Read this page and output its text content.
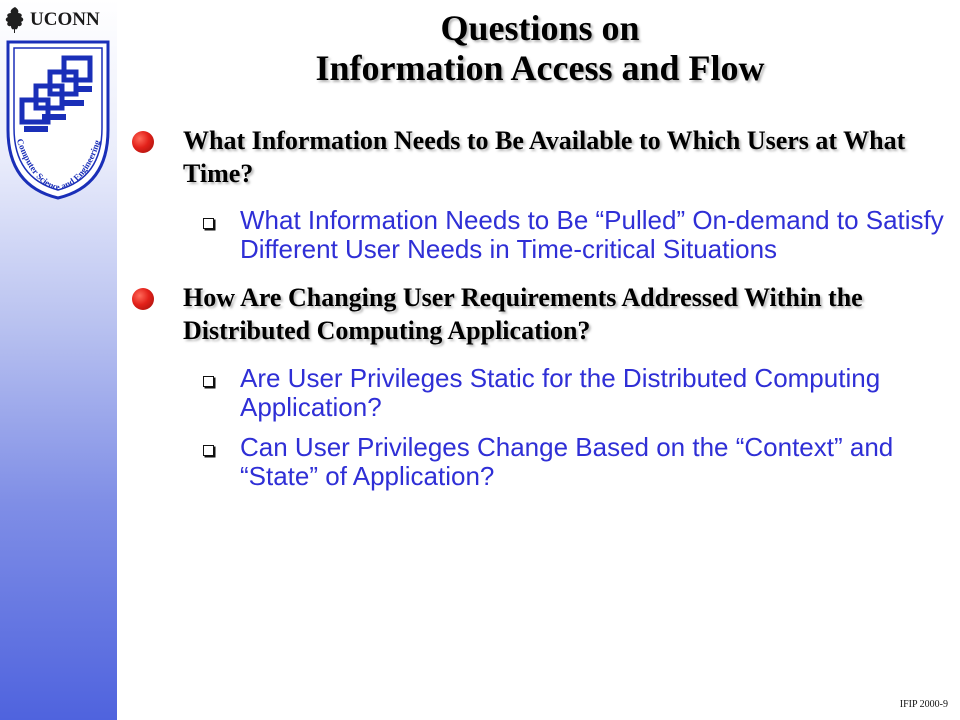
UCONN
Computer Science and Engineering
Questions on
Information Access and Flow
What Information Needs to Be Available to Which Users at What Time?
What Information Needs to Be “Pulled” On-demand to Satisfy Different User Needs in Time-critical Situations
How Are Changing User Requirements Addressed Within the Distributed Computing Application?
Are User Privileges Static for the Distributed Computing Application?
Can User Privileges Change Based on the “Context” and “State” of Application?
IFIP 2000-9
